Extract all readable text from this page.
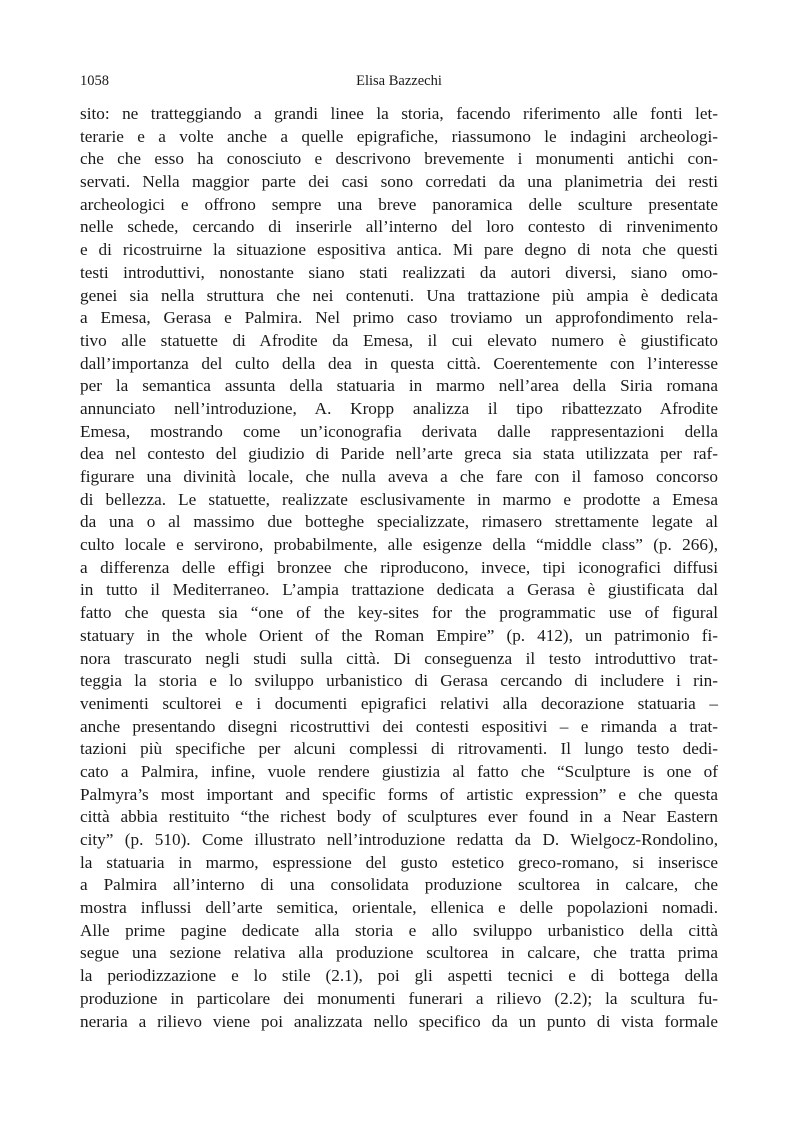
1058	Elisa Bazzechi
sito: ne tratteggiando a grandi linee la storia, facendo riferimento alle fonti let-
terarie e a volte anche a quelle epigrafiche, riassumono le indagini archeologi-
che che esso ha conosciuto e descrivono brevemente i monumenti antichi con-
servati. Nella maggior parte dei casi sono corredati da una planimetria dei resti
archeologici e offrono sempre una breve panoramica delle sculture presentate
nelle schede, cercando di inserirle all’interno del loro contesto di rinvenimento
e di ricostruirne la situazione espositiva antica. Mi pare degno di nota che questi
testi introduttivi, nonostante siano stati realizzati da autori diversi, siano omo-
genei sia nella struttura che nei contenuti. Una trattazione più ampia è dedicata
a Emesa, Gerasa e Palmira. Nel primo caso troviamo un approfondimento rela-
tivo alle statuette di Afrodite da Emesa, il cui elevato numero è giustificato
dall’importanza del culto della dea in questa città. Coerentemente con l’interesse
per la semantica assunta della statuaria in marmo nell’area della Siria romana
annunciato nell’introduzione, A. Kropp analizza il tipo ribattezzato Afrodite
Emesa, mostrando come un’iconografia derivata dalle rappresentazioni della
dea nel contesto del giudizio di Paride nell’arte greca sia stata utilizzata per raf-
figurare una divinità locale, che nulla aveva a che fare con il famoso concorso
di bellezza. Le statuette, realizzate esclusivamente in marmo e prodotte a Emesa
da una o al massimo due botteghe specializzate, rimasero strettamente legate al
culto locale e servirono, probabilmente, alle esigenze della “middle class” (p. 266),
a differenza delle effigi bronzee che riproducono, invece, tipi iconografici diffusi
in tutto il Mediterraneo. L’ampia trattazione dedicata a Gerasa è giustificata dal
fatto che questa sia “one of the key-sites for the programmatic use of figural
statuary in the whole Orient of the Roman Empire” (p. 412), un patrimonio fi-
nora trascurato negli studi sulla città. Di conseguenza il testo introduttivo trat-
teggia la storia e lo sviluppo urbanistico di Gerasa cercando di includere i rin-
venimenti scultorei e i documenti epigrafici relativi alla decorazione statuaria –
anche presentando disegni ricostruttivi dei contesti espositivi – e rimanda a trat-
tazioni più specifiche per alcuni complessi di ritrovamenti. Il lungo testo dedi-
cato a Palmira, infine, vuole rendere giustizia al fatto che “Sculpture is one of
Palmyra’s most important and specific forms of artistic expression” e che questa
città abbia restituito “the richest body of sculptures ever found in a Near Eastern
city” (p. 510). Come illustrato nell’introduzione redatta da D. Wielgocz-Rondolino,
la statuaria in marmo, espressione del gusto estetico greco-romano, si inserisce
a Palmira all’interno di una consolidata produzione scultorea in calcare, che
mostra influssi dell’arte semitica, orientale, ellenica e delle popolazioni nomadi.
Alle prime pagine dedicate alla storia e allo sviluppo urbanistico della città
segue una sezione relativa alla produzione scultorea in calcare, che tratta prima
la periodizzazione e lo stile (2.1), poi gli aspetti tecnici e di bottega della
produzione in particolare dei monumenti funerari a rilievo (2.2); la scultura fu-
neraria a rilievo viene poi analizzata nello specifico da un punto di vista formale
